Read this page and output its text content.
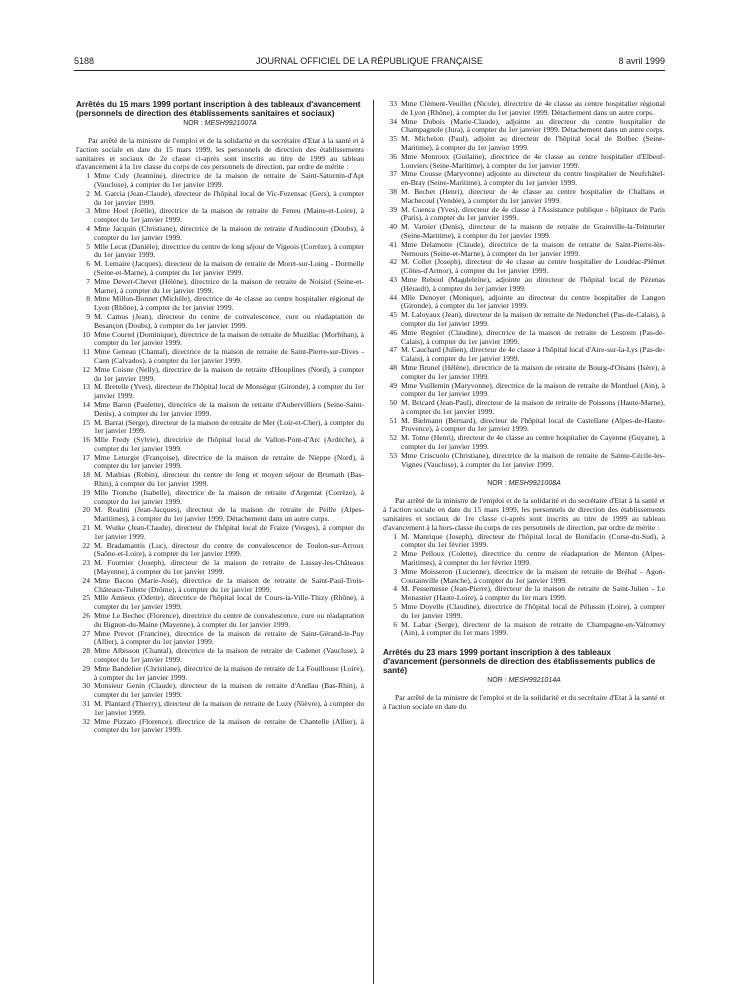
5188	JOURNAL OFFICIEL DE LA RÉPUBLIQUE FRANÇAISE	8 avril 1999
Arrêtés du 15 mars 1999 portant inscription à des tableaux d'avancement (personnels de direction des établissements sanitaires et sociaux)
NOR : MESH9921007A

Par arrêté de la ministre de l'emploi et de la solidarité et du secrétaire d'Etat à la santé et à l'action sociale en date du 15 mars 1999, les personnels de direction des établissements sanitaires et sociaux de 2e classe ci-après sont inscrits au titre de 1999 au tableau d'avancement à la 1re classe du corps de ces personnels de direction, par ordre de mérite :

1 Mme Culy (Jeannine), directrice de la maison de retraite de Saint-Saturnin-d'Apt (Vaucluse), à compter du 1er janvier 1999.
2 M. Garcia (Jean-Claude), directeur de l'hôpital local de Vic-Fezensac (Gers), à compter du 1er janvier 1999.
3 Mme Hoel (Joëlle), directrice de la maison de retraite de Feneu (Maine-et-Loire), à compter du 1er janvier 1999.
4 Mme Jacquin (Christiane), directrice de la maison de retraite d'Audincourt (Doubs), à compter du 1er janvier 1999.
5 Mlle Lecat (Danièle), directrice du centre de long séjour de Vigeois (Corrèze), à compter du 1er janvier 1999.
6 M. Lemaire (Jacques), directeur de la maison de retraite de Moret-sur-Loing - Dormelle (Seine-et-Marne), à compter du 1er janvier 1999.
7 Mme Dewet-Chevet (Hélène), directrice de la maison de retraite de Noisiel (Seine-et-Marne), à compter du 1er janvier 1999.
8 Mme Millon-Bonnet (Michèle), directrice de 4e classe au centre hospitalier régional de Lyon (Rhône), à compter du 1er janvier 1999.
9 M. Camus (Jean), directeur du centre de convalescence, cure ou réadaptation de Besançon (Doubs), à compter du 1er janvier 1999.
10 Mme Courtel (Dominique), directrice de la maison de retraite de Muzillac (Morbihan), à compter du 1er janvier 1999.
11 Mme Geneau (Chantal), directrice de la maison de retraite de Saint-Pierre-sur-Dives - Caen (Calvados), à compter du 1er janvier 1999.
12 Mme Coisne (Nelly), directrice de la maison de retraite d'Houplines (Nord), à compter du 1er janvier 1999.
13 M. Bretelle (Yves), directeur de l'hôpital local de Monségur (Gironde), à compter du 1er janvier 1999.
14 Mme Baron (Paulette), directrice de la maison de retraite d'Aubervilliers (Seine-Saint-Denis), à compter du 1er janvier 1999.
15 M. Barrat (Serge), directeur de la maison de retraite de Mer (Loir-et-Cher), à compter du 1er janvier 1999.
16 Mlle Fredy (Sylvie), directrice de l'hôpital local de Vallon-Pont-d'Arc (Ardèche), à compter du 1er janvier 1999.
17 Mme Leturgie (Françoise), directrice de la maison de retraite de Nieppe (Nord), à compter du 1er janvier 1999.
18 M. Mathias (Robin), directeur du centre de long et moyen séjour de Brumath (Bas-Rhin), à compter du 1er janvier 1999.
19 Mlle Tronche (Isabelle), directrice de la maison de retraite d'Argentat (Corrèze), à compter du 1er janvier 1999.
20 M. Realini (Jean-Jacques), directeur de la maison de retraite de Peille (Alpes-Maritimes), à compter du 1er janvier 1999. Détachement dans un autre corps.
21 M. Wutke (Jean-Claude), directeur de l'hôpital local de Fraize (Vosges), à compter du 1er janvier 1999.
22 M. Bradamantis (Luc), directeur du centre de convalescence de Toulon-sur-Arroux (Saône-et-Loire), à compter du 1er janvier 1999.
23 M. Fournier (Joseph), directeur de la maison de retraite de Lassay-les-Châteaux (Mayenne), à compter du 1er janvier 1999.
24 Mme Bacou (Marie-José), directrice de la maison de retraite de Saint-Paul-Trois-Châteaux-Tulette (Drôme), à compter du 1er janvier 1999.
25 Mlle Amieux (Odette), directrice de l'hôpital local de Cours-la-Ville-Thizy (Rhône), à compter du 1er janvier 1999.
26 Mme Le Bechec (Florence), directrice du centre de convalescence, cure ou réadaptation du Bignon-du-Maine (Mayenne), à compter du 1er janvier 1999.
27 Mme Prevot (Francine), directrice de la maison de retraite de Saint-Gérand-le-Puy (Allier), à compter du 1er janvier 1999.
28 Mme Albisson (Chantal), directrice de la maison de retraite de Cadenet (Vaucluse), à compter du 1er janvier 1999.
29 Mme Bandelier (Christiane), directrice de la maison de retraite de La Fouillouse (Loire), à compter du 1er janvier 1999.
30 Monsieur Genin (Claude), directeur de la maison de retraite d'Andlau (Bas-Rhin), à compter du 1er janvier 1999.
31 M. Plantard (Thierry), directeur de la maison de retraite de Luzy (Nièvre), à compter du 1er janvier 1999.
32 Mme Pizzato (Florence), directrice de la maison de retraite de Chantelle (Allier), à compter du 1er janvier 1999.
33 Mme Clément-Veuillet (Nicole), directrice de 4e classe au centre hospitalier régional de Lyon (Rhône), à compter du 1er janvier 1999. Détachement dans un autre corps.
34 Mme Dubois (Marie-Claude), adjointe au directeur du centre hospitalier de Champagnole (Jura), à compter du 1er janvier 1999. Détachement dans un autre corps.
35 M. Michelon (Paul), adjoint au directeur de l'hôpital local de Bolbec (Seine-Maritime), à compter du 1er janvier 1999.
36 Mme Monroux (Guilaine), directrice de 4e classe au centre hospitalier d'Elbeuf-Louviers (Seine-Maritime), à compter du 1er janvier 1999.
37 Mme Cousse (Maryvonne) adjointe au directeur du centre hospitalier de Neufchâtel-en-Bray (Seine-Maritime), à compter du 1er janvier 1999.
38 M. Bechet (Henri), directeur de 4e classe au centre hospitalier de Challans et Machecoul (Vendée), à compter du 1er janvier 1999.
39 M. Cuenca (Yves), directeur de 4e classe à l'Assistance publique - hôpitaux de Paris (Paris), à compter du 1er janvier 1999.
40 M. Varnier (Denis), directeur de la maison de retraite de Grainville-la-Teinturier (Seine-Maritime), à compter du 1er janvier 1999.
41 Mme Delamotte (Claude), directrice de la maison de retraite de Saint-Pierre-lès-Nemours (Seine-et-Marne), à compter du 1er janvier 1999.
42 M. Collet (Joseph), directeur de 4e classe au centre hospitalier de Loudéac-Plémet (Côtes-d'Armor), à compter du 1er janvier 1999.
43 Mme Reboul (Magdeleine), adjointe au directeur de l'hôpital local de Pézenas (Hérault), à compter du 1er janvier 1999.
44 Mlle Denoyer (Monique), adjointe au directeur du centre hospitalier de Langon (Gironde), à compter du 1er janvier 1999.
45 M. Laloyaux (Jean), directeur de la maison de retraite de Nedonchel (Pas-de-Calais), à compter du 1er janvier 1999.
46 Mme Regnier (Claudine), directrice de la maison de retraite de Lestrem (Pas-de-Calais), à compter du 1er janvier 1999.
47 M. Cauchard (Julien), directeur de 4e classe à l'hôpital local d'Aire-sur-la-Lys (Pas-de-Calais), à compter du 1er janvier 1999.
48 Mme Brunel (Hélène), directrice de la maison de retraite de Bourg-d'Oisans (Isère), à compter du 1er janvier 1999.
49 Mme Vuillemin (Maryvonne), directrice de la maison de retraite de Montluel (Ain), à compter du 1er janvier 1999.
50 M. Bricard (Jean-Paul), directeur de la maison de retraite de Poissons (Haute-Marne), à compter du 1er janvier 1999.
51 M. Bielmann (Bernard), directeur de l'hôpital local de Castellane (Alpes-de-Haute-Provence), à compter du 1er janvier 1999.
52 M. Tome (Henri), directeur de 4e classe au centre hospitalier de Cayenne (Guyane), à compter du 1er janvier 1999.
53 Mme Criscuolo (Christiane), directrice de la maison de retraite de Sainte-Cécile-les-Vignes (Vaucluse), à compter du 1er janvier 1999.
NOR : MESH9921008A

Par arrêté de la ministre de l'emploi et de la solidarité et du secrétaire d'Etat à la santé et à l'action sociale en date du 15 mars 1999, les personnels de direction des établissements sanitaires et sociaux de 1re classe ci-après sont inscrits au titre de 1999 au tableau d'avancement à la hors-classe du corps de ces personnels de direction, par ordre de mérite :

1 M. Manrique (Joseph), directeur de l'hôpital local de Bonifacio (Corse-du-Sud), à compter du 1er février 1999.
2 Mme Pelloux (Colette), directrice du centre de réadaptation de Menton (Alpes-Maritimes), à compter du 1er février 1999.
3 Mme Moisseron (Lucienne), directrice de la maison de retraite de Bréhal - Agon-Coutainville (Manche), à compter du 1er janvier 1999.
4 M. Pessemesse (Jean-Pierre), directeur de la maison de retraite de Saint-Julien - Le Monastier (Haute-Loire), à compter du 1er mars 1999.
5 Mme Doyelle (Claudine), directrice de l'hôpital local de Pélussin (Loire), à compter du 1er janvier 1999.
6 M. Labar (Serge), directeur de la maison de retraite de Champagne-en-Valromey (Ain), à compter du 1er mars 1999.
Arrêtés du 23 mars 1999 portant inscription à des tableaux d'avancement (personnels de direction des établissements publics de santé)
NOR : MESH9921014A

Par arrêté de la ministre de l'emploi et de la solidarité et du secrétaire d'Etat à la santé et à l'action sociale en date du
